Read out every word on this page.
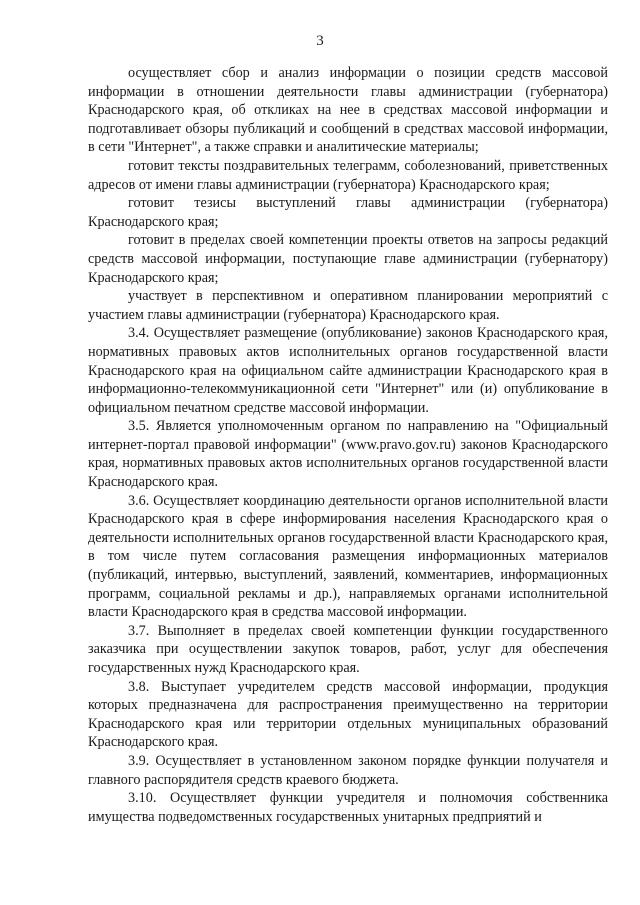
3

осуществляет сбор и анализ информации о позиции средств массовой информации в отношении деятельности главы администрации (губернатора) Краснодарского края, об откликах на нее в средствах массовой информации и подготавливает обзоры публикаций и сообщений в средствах массовой информации, в сети "Интернет", а также справки и аналитические материалы;

готовит тексты поздравительных телеграмм, соболезнований, приветственных адресов от имени главы администрации (губернатора) Краснодарского края;

готовит тезисы выступлений главы администрации (губернатора) Краснодарского края;

готовит в пределах своей компетенции проекты ответов на запросы редакций средств массовой информации, поступающие главе администрации (губернатору) Краснодарского края;

участвует в перспективном и оперативном планировании мероприятий с участием главы администрации (губернатора) Краснодарского края.

3.4. Осуществляет размещение (опубликование) законов Краснодарского края, нормативных правовых актов исполнительных органов государственной власти Краснодарского края на официальном сайте администрации Краснодарского края в информационно-телекоммуникационной сети "Интернет" или (и) опубликование в официальном печатном средстве массовой информации.

3.5. Является уполномоченным органом по направлению на "Официальный интернет-портал правовой информации" (www.pravo.gov.ru) законов Краснодарского края, нормативных правовых актов исполнительных органов государственной власти Краснодарского края.

3.6. Осуществляет координацию деятельности органов исполнительной власти Краснодарского края в сфере информирования населения Краснодарского края о деятельности исполнительных органов государственной власти Краснодарского края, в том числе путем согласования размещения информационных материалов (публикаций, интервью, выступлений, заявлений, комментариев, информационных программ, социальной рекламы и др.), направляемых органами исполнительной власти Краснодарского края в средства массовой информации.

3.7. Выполняет в пределах своей компетенции функции государственного заказчика при осуществлении закупок товаров, работ, услуг для обеспечения государственных нужд Краснодарского края.

3.8. Выступает учредителем средств массовой информации, продукция которых предназначена для распространения преимущественно на территории Краснодарского края или территории отдельных муниципальных образований Краснодарского края.

3.9. Осуществляет в установленном законом порядке функции получателя и главного распорядителя средств краевого бюджета.

3.10. Осуществляет функции учредителя и полномочия собственника имущества подведомственных государственных унитарных предприятий и
